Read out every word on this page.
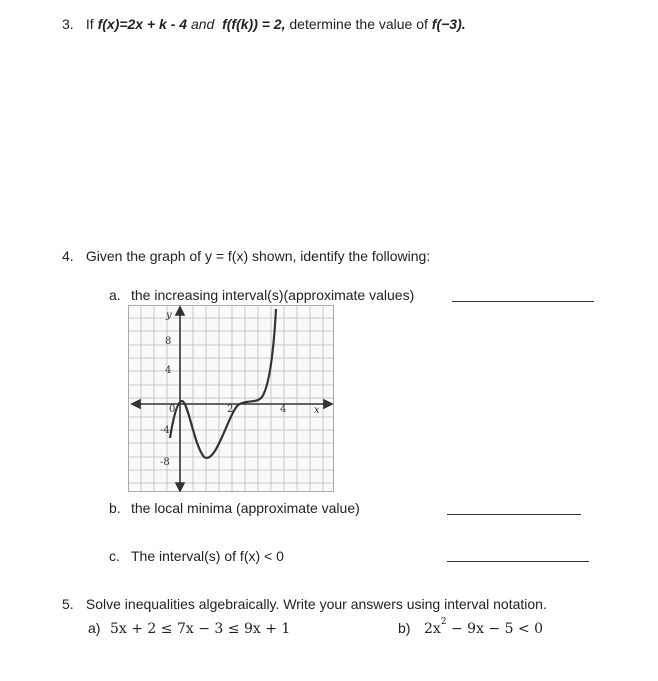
3. If f(x)=2x + k - 4 and f(f(k)) = 2, determine the value of f(−3).
4. Given the graph of y = f(x) shown, identify the following:
a. the increasing interval(s)(approximate values)
y
x
0
8
4
2	4
-4
-8
b. the local minima (approximate value)
c. The interval(s) of f(x) < 0
5. Solve inequalities algebraically. Write your answers using interval notation.
a) 5x + 2 ≤ 7x − 3 ≤ 9x + 1	b) $2x^2 - 9x - 5 < 0$
